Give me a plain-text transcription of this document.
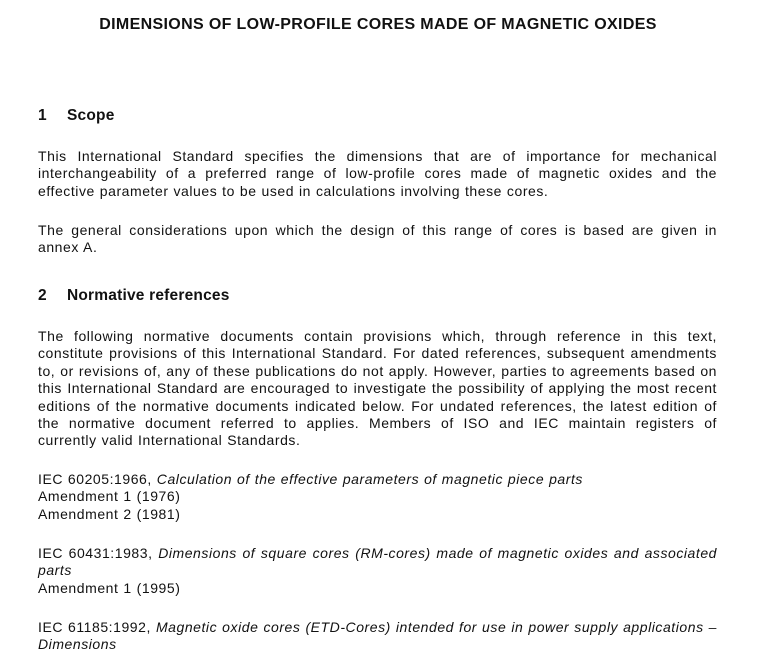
DIMENSIONS OF LOW-PROFILE CORES MADE OF MAGNETIC OXIDES
1 Scope

This International Standard specifies the dimensions that are of importance for mechanical interchangeability of a preferred range of low-profile cores made of magnetic oxides and the effective parameter values to be used in calculations involving these cores.

The general considerations upon which the design of this range of cores is based are given in annex A.

2 Normative references

The following normative documents contain provisions which, through reference in this text, constitute provisions of this International Standard. For dated references, subsequent amendments to, or revisions of, any of these publications do not apply. However, parties to agreements based on this International Standard are encouraged to investigate the possibility of applying the most recent editions of the normative documents indicated below. For undated references, the latest edition of the normative document referred to applies. Members of ISO and IEC maintain registers of currently valid International Standards.

IEC 60205:1966, Calculation of the effective parameters of magnetic piece parts
Amendment 1 (1976)
Amendment 2 (1981)
IEC 60431:1983, Dimensions of square cores (RM-cores) made of magnetic oxides and associated parts
Amendment 1 (1995)
IEC 61185:1992, Magnetic oxide cores (ETD-Cores) intended for use in power supply applications – Dimensions
